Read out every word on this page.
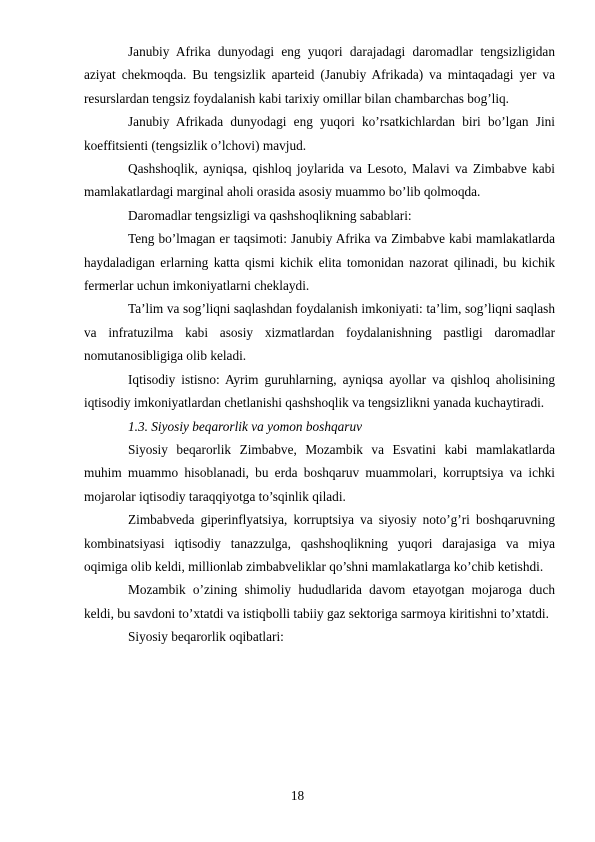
Janubiy Afrika dunyodagi eng yuqori darajadagi daromadlar tengsizligidan aziyat chekmoqda. Bu tengsizlik aparteid (Janubiy Afrikada) va mintaqadagi yer va resurslardan tengsiz foydalanish kabi tarixiy omillar bilan chambarchas bog’liq.

Janubiy Afrikada dunyodagi eng yuqori ko’rsatkichlardan biri bo’lgan Jini koeffitsienti (tengsizlik o’lchovi) mavjud.

Qashshoqlik, ayniqsa, qishloq joylarida va Lesoto, Malavi va Zimbabve kabi mamlakatlardagi marginal aholi orasida asosiy muammo bo’lib qolmoqda.

Daromadlar tengsizligi va qashshoqlikning sabablari:

Teng bo’lmagan er taqsimoti: Janubiy Afrika va Zimbabve kabi mamlakatlarda haydaladigan erlarning katta qismi kichik elita tomonidan nazorat qilinadi, bu kichik fermerlar uchun imkoniyatlarni cheklaydi.

Ta’lim va sog’liqni saqlashdan foydalanish imkoniyati: ta’lim, sog’liqni saqlash va infratuzilma kabi asosiy xizmatlardan foydalanishning pastligi daromadlar nomutanosibligiga olib keladi.

Iqtisodiy istisno: Ayrim guruhlarning, ayniqsa ayollar va qishloq aholisining iqtisodiy imkoniyatlardan chetlanishi qashshoqlik va tengsizlikni yanada kuchaytiradi.

1.3. Siyosiy beqarorlik va yomon boshqaruv

Siyosiy beqarorlik Zimbabve, Mozambik va Esvatini kabi mamlakatlarda muhim muammo hisoblanadi, bu erda boshqaruv muammolari, korruptsiya va ichki mojarolar iqtisodiy taraqqiyotga to’sqinlik qiladi.

Zimbabveda giperinflyatsiya, korruptsiya va siyosiy noto’g’ri boshqaruvning kombinatsiyasi iqtisodiy tanazzulga, qashshoqlikning yuqori darajasiga va miya oqimiga olib keldi, millionlab zimbabveliklar qo’shni mamlakatlarga ko’chib ketishdi.

Mozambik o’zining shimoliy hududlarida davom etayotgan mojaroga duch keldi, bu savdoni to’xtatdi va istiqbolli tabiiy gaz sektoriga sarmoya kiritishni to’xtatdi.

Siyosiy beqarorlik oqibatlari:

18
